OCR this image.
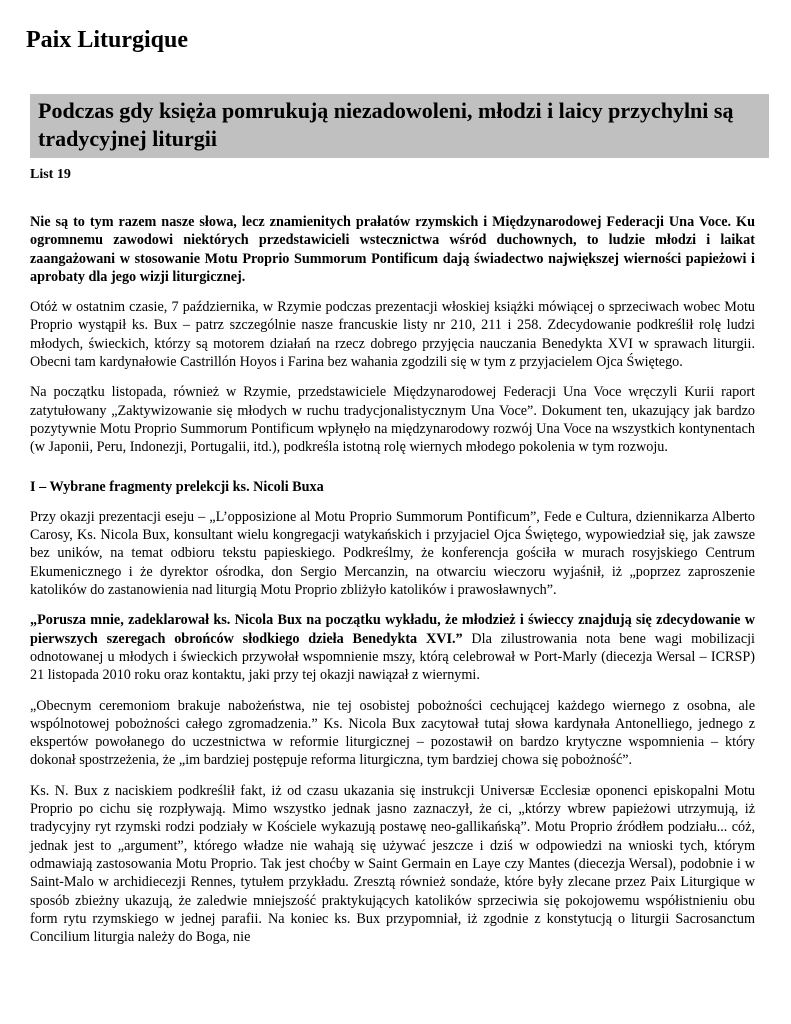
Paix Liturgique
Podczas gdy księża pomrukują niezadowoleni, młodzi i laicy przychylni są tradycyjnej liturgii

List 19

Nie są to tym razem nasze słowa, lecz znamienitych prałatów rzymskich i Międzynarodowej Federacji Una Voce. Ku ogromnemu zawodowi niektórych przedstawicieli wstecznictwa wśród duchownych, to ludzie młodzi i laikat zaangażowani w stosowanie Motu Proprio Summorum Pontificum dają świadectwo największej wierności papieżowi i aprobaty dla jego wizji liturgicznej.

Otóż w ostatnim czasie, 7 października, w Rzymie podczas prezentacji włoskiej książki mówiącej o sprzeciwach wobec Motu Proprio wystąpił ks. Bux – patrz szczególnie nasze francuskie listy nr 210, 211 i 258. Zdecydowanie podkreślił rolę ludzi młodych, świeckich, którzy są motorem działań na rzecz dobrego przyjęcia nauczania Benedykta XVI w sprawach liturgii. Obecni tam kardynałowie Castrillón Hoyos i Farina bez wahania zgodzili się w tym z przyjacielem Ojca Świętego.

Na początku listopada, również w Rzymie, przedstawiciele Międzynarodowej Federacji Una Voce wręczyli Kurii raport zatytułowany „Zaktywizowanie się młodych w ruchu tradycjonalistycznym Una Voce”. Dokument ten, ukazujący jak bardzo pozytywnie Motu Proprio Summorum Pontificum wpłynęło na międzynarodowy rozwój Una Voce na wszystkich kontynentach (w Japonii, Peru, Indonezji, Portugalii, itd.), podkreśla istotną rolę wiernych młodego pokolenia w tym rozwoju.

I – Wybrane fragmenty prelekcji ks. Nicoli Buxa

Przy okazji prezentacji eseju – „L’opposizione al Motu Proprio Summorum Pontificum”, Fede e Cultura, dziennikarza Alberto Carosy, Ks. Nicola Bux, konsultant wielu kongregacji watykańskich i przyjaciel Ojca Świętego, wypowiedział się, jak zawsze bez uników, na temat odbioru tekstu papieskiego. Podkreślmy, że konferencja gościła w murach rosyjskiego Centrum Ekumenicznego i że dyrektor ośrodka, don Sergio Mercanzin, na otwarciu wieczoru wyjaśnił, iż „poprzez zaproszenie katolików do zastanowienia nad liturgią Motu Proprio zbliżyło katolików i prawosławnych”.

„Porusza mnie, zadeklarował ks. Nicola Bux na początku wykładu, że młodzież i świeccy znajdują się zdecydowanie w pierwszych szeregach obrońców słodkiego dzieła Benedykta XVI.” Dla zilustrowania nota bene wagi mobilizacji odnotowanej u młodych i świeckich przywołał wspomnienie mszy, którą celebrował w Port-Marly (diecezja Wersal – ICRSP) 21 listopada 2010 roku oraz kontaktu, jaki przy tej okazji nawiązał z wiernymi.

„Obecnym ceremoniom brakuje nabożeństwa, nie tej osobistej pobożności cechującej każdego wiernego z osobna, ale wspólnotowej pobożności całego zgromadzenia.” Ks. Nicola Bux zacytował tutaj słowa kardynała Antonelliego, jednego z ekspertów powołanego do uczestnictwa w reformie liturgicznej – pozostawił on bardzo krytyczne wspomnienia – który dokonał spostrzeżenia, że „im bardziej postępuje reforma liturgiczna, tym bardziej chowa się pobożność”.

Ks. N. Bux z naciskiem podkreślił fakt, iż od czasu ukazania się instrukcji Universæ Ecclesiæ oponenci episkopalni Motu Proprio po cichu się rozpływają. Mimo wszystko jednak jasno zaznaczył, że ci, „którzy wbrew papieżowi utrzymują, iż tradycyjny ryt rzymski rodzi podziały w Kościele wykazują postawę neo-gallikańską”. Motu Proprio źródłem podziału... cóż, jednak jest to „argument”, którego władze nie wahają się używać jeszcze i dziś w odpowiedzi na wnioski tych, którym odmawiają zastosowania Motu Proprio. Tak jest choćby w Saint Germain en Laye czy Mantes (diecezja Wersal), podobnie i w Saint-Malo w archidiecezji Rennes, tytułem przykładu. Zresztą również sondaże, które były zlecane przez Paix Liturgique w sposób zbieżny ukazują, że zaledwie mniejszość praktykujących katolików sprzeciwia się pokojowemu współistnieniu obu form rytu rzymskiego w jednej parafii. Na koniec ks. Bux przypomniał, iż zgodnie z konstytucją o liturgii Sacrosanctum Concilium liturgia należy do Boga, nie
